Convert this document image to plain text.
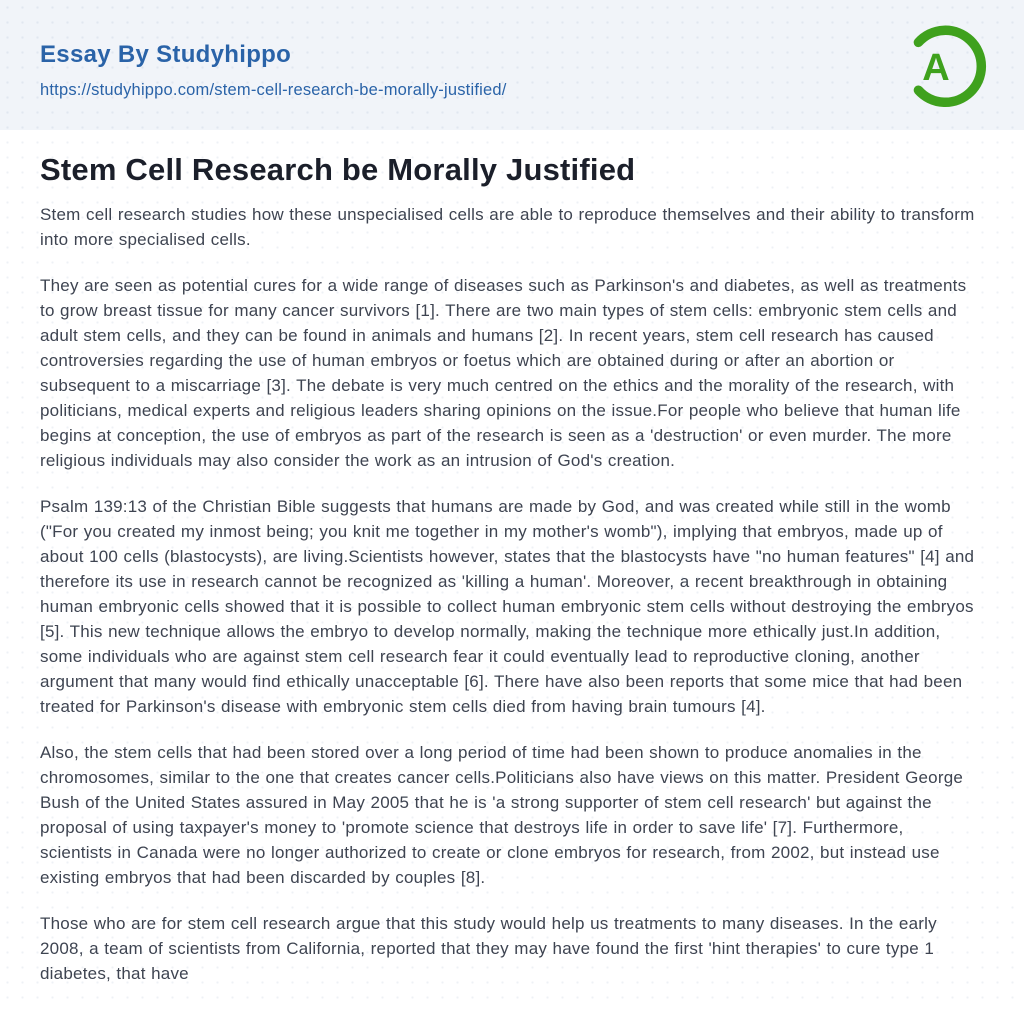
Essay By Studyhippo
https://studyhippo.com/stem-cell-research-be-morally-justified/
A
Stem Cell Research be Morally Justified

Stem cell research studies how these unspecialised cells are able to reproduce themselves and their ability to transform into more specialised cells.

They are seen as potential cures for a wide range of diseases such as Parkinson's and diabetes, as well as treatments to grow breast tissue for many cancer survivors [1]. There are two main types of stem cells: embryonic stem cells and adult stem cells, and they can be found in animals and humans [2]. In recent years, stem cell research has caused controversies regarding the use of human embryos or foetus which are obtained during or after an abortion or subsequent to a miscarriage [3]. The debate is very much centred on the ethics and the morality of the research, with politicians, medical experts and religious leaders sharing opinions on the issue.For people who believe that human life begins at conception, the use of embryos as part of the research is seen as a 'destruction' or even murder. The more religious individuals may also consider the work as an intrusion of God's creation.

Psalm 139:13 of the Christian Bible suggests that humans are made by God, and was created while still in the womb ("For you created my inmost being; you knit me together in my mother's womb"), implying that embryos, made up of about 100 cells (blastocysts), are living.Scientists however, states that the blastocysts have "no human features" [4] and therefore its use in research cannot be recognized as 'killing a human'. Moreover, a recent breakthrough in obtaining human embryonic cells showed that it is possible to collect human embryonic stem cells without destroying the embryos [5]. This new technique allows the embryo to develop normally, making the technique more ethically just.In addition, some individuals who are against stem cell research fear it could eventually lead to reproductive cloning, another argument that many would find ethically unacceptable [6]. There have also been reports that some mice that had been treated for Parkinson's disease with embryonic stem cells died from having brain tumours [4].

Also, the stem cells that had been stored over a long period of time had been shown to produce anomalies in the chromosomes, similar to the one that creates cancer cells.Politicians also have views on this matter. President George Bush of the United States assured in May 2005 that he is 'a strong supporter of stem cell research' but against the proposal of using taxpayer's money to 'promote science that destroys life in order to save life' [7]. Furthermore, scientists in Canada were no longer authorized to create or clone embryos for research, from 2002, but instead use existing embryos that had been discarded by couples [8].

Those who are for stem cell research argue that this study would help us treatments to many diseases. In the early 2008, a team of scientists from California, reported that they may have found the first 'hint therapies' to cure type 1 diabetes, that have
